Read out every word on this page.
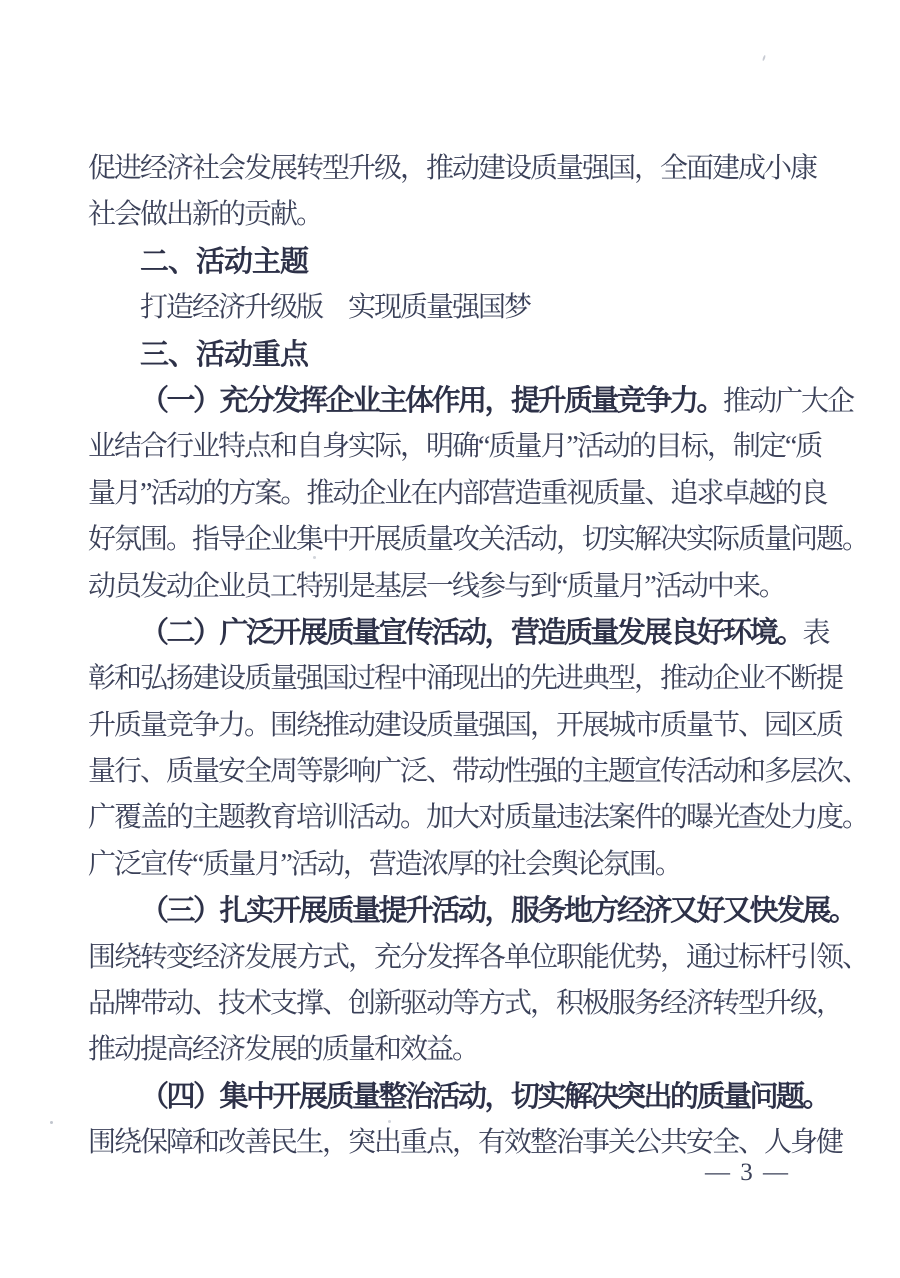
促进经济社会发展转型升级，推动建设质量强国，全面建成小康
社会做出新的贡献。
二、活动主题
打造经济升级版　实现质量强国梦
三、活动重点
（一）充分发挥企业主体作用，提升质量竞争力。推动广大企
业结合行业特点和自身实际，明确“质量月”活动的目标，制定“质
量月”活动的方案。推动企业在内部营造重视质量、追求卓越的良
好氛围。指导企业集中开展质量攻关活动，切实解决实际质量问题。
动员发动企业员工特别是基层一线参与到“质量月”活动中来。
（二）广泛开展质量宣传活动，营造质量发展良好环境。表
彰和弘扬建设质量强国过程中涌现出的先进典型，推动企业不断提
升质量竞争力。围绕推动建设质量强国，开展城市质量节、园区质
量行、质量安全周等影响广泛、带动性强的主题宣传活动和多层次、
广覆盖的主题教育培训活动。加大对质量违法案件的曝光查处力度。
广泛宣传“质量月”活动，营造浓厚的社会舆论氛围。
（三）扎实开展质量提升活动，服务地方经济又好又快发展。
围绕转变经济发展方式，充分发挥各单位职能优势，通过标杆引领、
品牌带动、技术支撑、创新驱动等方式，积极服务经济转型升级，
推动提高经济发展的质量和效益。
（四）集中开展质量整治活动，切实解决突出的质量问题。
围绕保障和改善民生，突出重点，有效整治事关公共安全、人身健
— 3 —
